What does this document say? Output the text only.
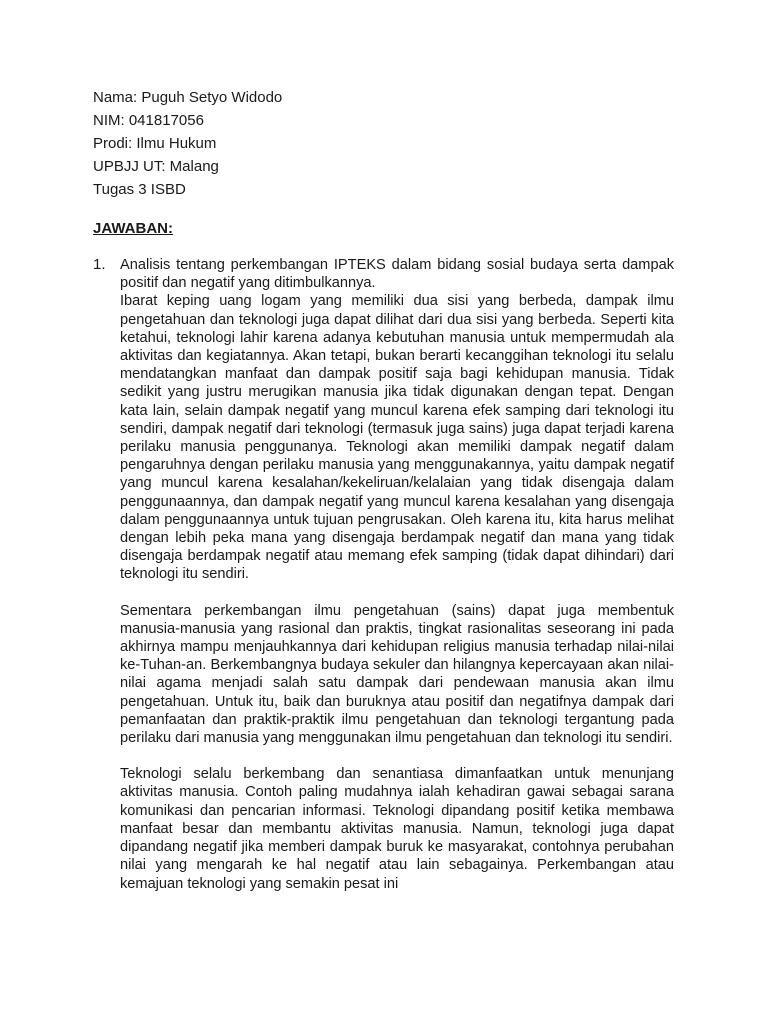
Nama: Puguh Setyo Widodo
NIM: 041817056
Prodi: Ilmu Hukum
UPBJJ UT: Malang
Tugas 3 ISBD
JAWABAN:
1. Analisis tentang perkembangan IPTEKS dalam bidang sosial budaya serta dampak positif dan negatif yang ditimbulkannya.

Ibarat keping uang logam yang memiliki dua sisi yang berbeda, dampak ilmu pengetahuan dan teknologi juga dapat dilihat dari dua sisi yang berbeda. Seperti kita ketahui, teknologi lahir karena adanya kebutuhan manusia untuk mempermudah ala aktivitas dan kegiatannya. Akan tetapi, bukan berarti kecanggihan teknologi itu selalu mendatangkan manfaat dan dampak positif saja bagi kehidupan manusia. Tidak sedikit yang justru merugikan manusia jika tidak digunakan dengan tepat. Dengan kata lain, selain dampak negatif yang muncul karena efek samping dari teknologi itu sendiri, dampak negatif dari teknologi (termasuk juga sains) juga dapat terjadi karena perilaku manusia penggunanya. Teknologi akan memiliki dampak negatif dalam pengaruhnya dengan perilaku manusia yang menggunakannya, yaitu dampak negatif yang muncul karena kesalahan/kekeliruan/kelalaian yang tidak disengaja dalam penggunaannya, dan dampak negatif yang muncul karena kesalahan yang disengaja dalam penggunaannya untuk tujuan pengrusakan. Oleh karena itu, kita harus melihat dengan lebih peka mana yang disengaja berdampak negatif dan mana yang tidak disengaja berdampak negatif atau memang efek samping (tidak dapat dihindari) dari teknologi itu sendiri.

Sementara perkembangan ilmu pengetahuan (sains) dapat juga membentuk manusia-manusia yang rasional dan praktis, tingkat rasionalitas seseorang ini pada akhirnya mampu menjauhkannya dari kehidupan religius manusia terhadap nilai-nilai ke-Tuhan-an. Berkembangnya budaya sekuler dan hilangnya kepercayaan akan nilai-nilai agama menjadi salah satu dampak dari pendewaan manusia akan ilmu pengetahuan. Untuk itu, baik dan buruknya atau positif dan negatifnya dampak dari pemanfaatan dan praktik-praktik ilmu pengetahuan dan teknologi tergantung pada perilaku dari manusia yang menggunakan ilmu pengetahuan dan teknologi itu sendiri.

Teknologi selalu berkembang dan senantiasa dimanfaatkan untuk menunjang aktivitas manusia. Contoh paling mudahnya ialah kehadiran gawai sebagai sarana komunikasi dan pencarian informasi. Teknologi dipandang positif ketika membawa manfaat besar dan membantu aktivitas manusia. Namun, teknologi juga dapat dipandang negatif jika memberi dampak buruk ke masyarakat, contohnya perubahan nilai yang mengarah ke hal negatif atau lain sebagainya. Perkembangan atau kemajuan teknologi yang semakin pesat ini
